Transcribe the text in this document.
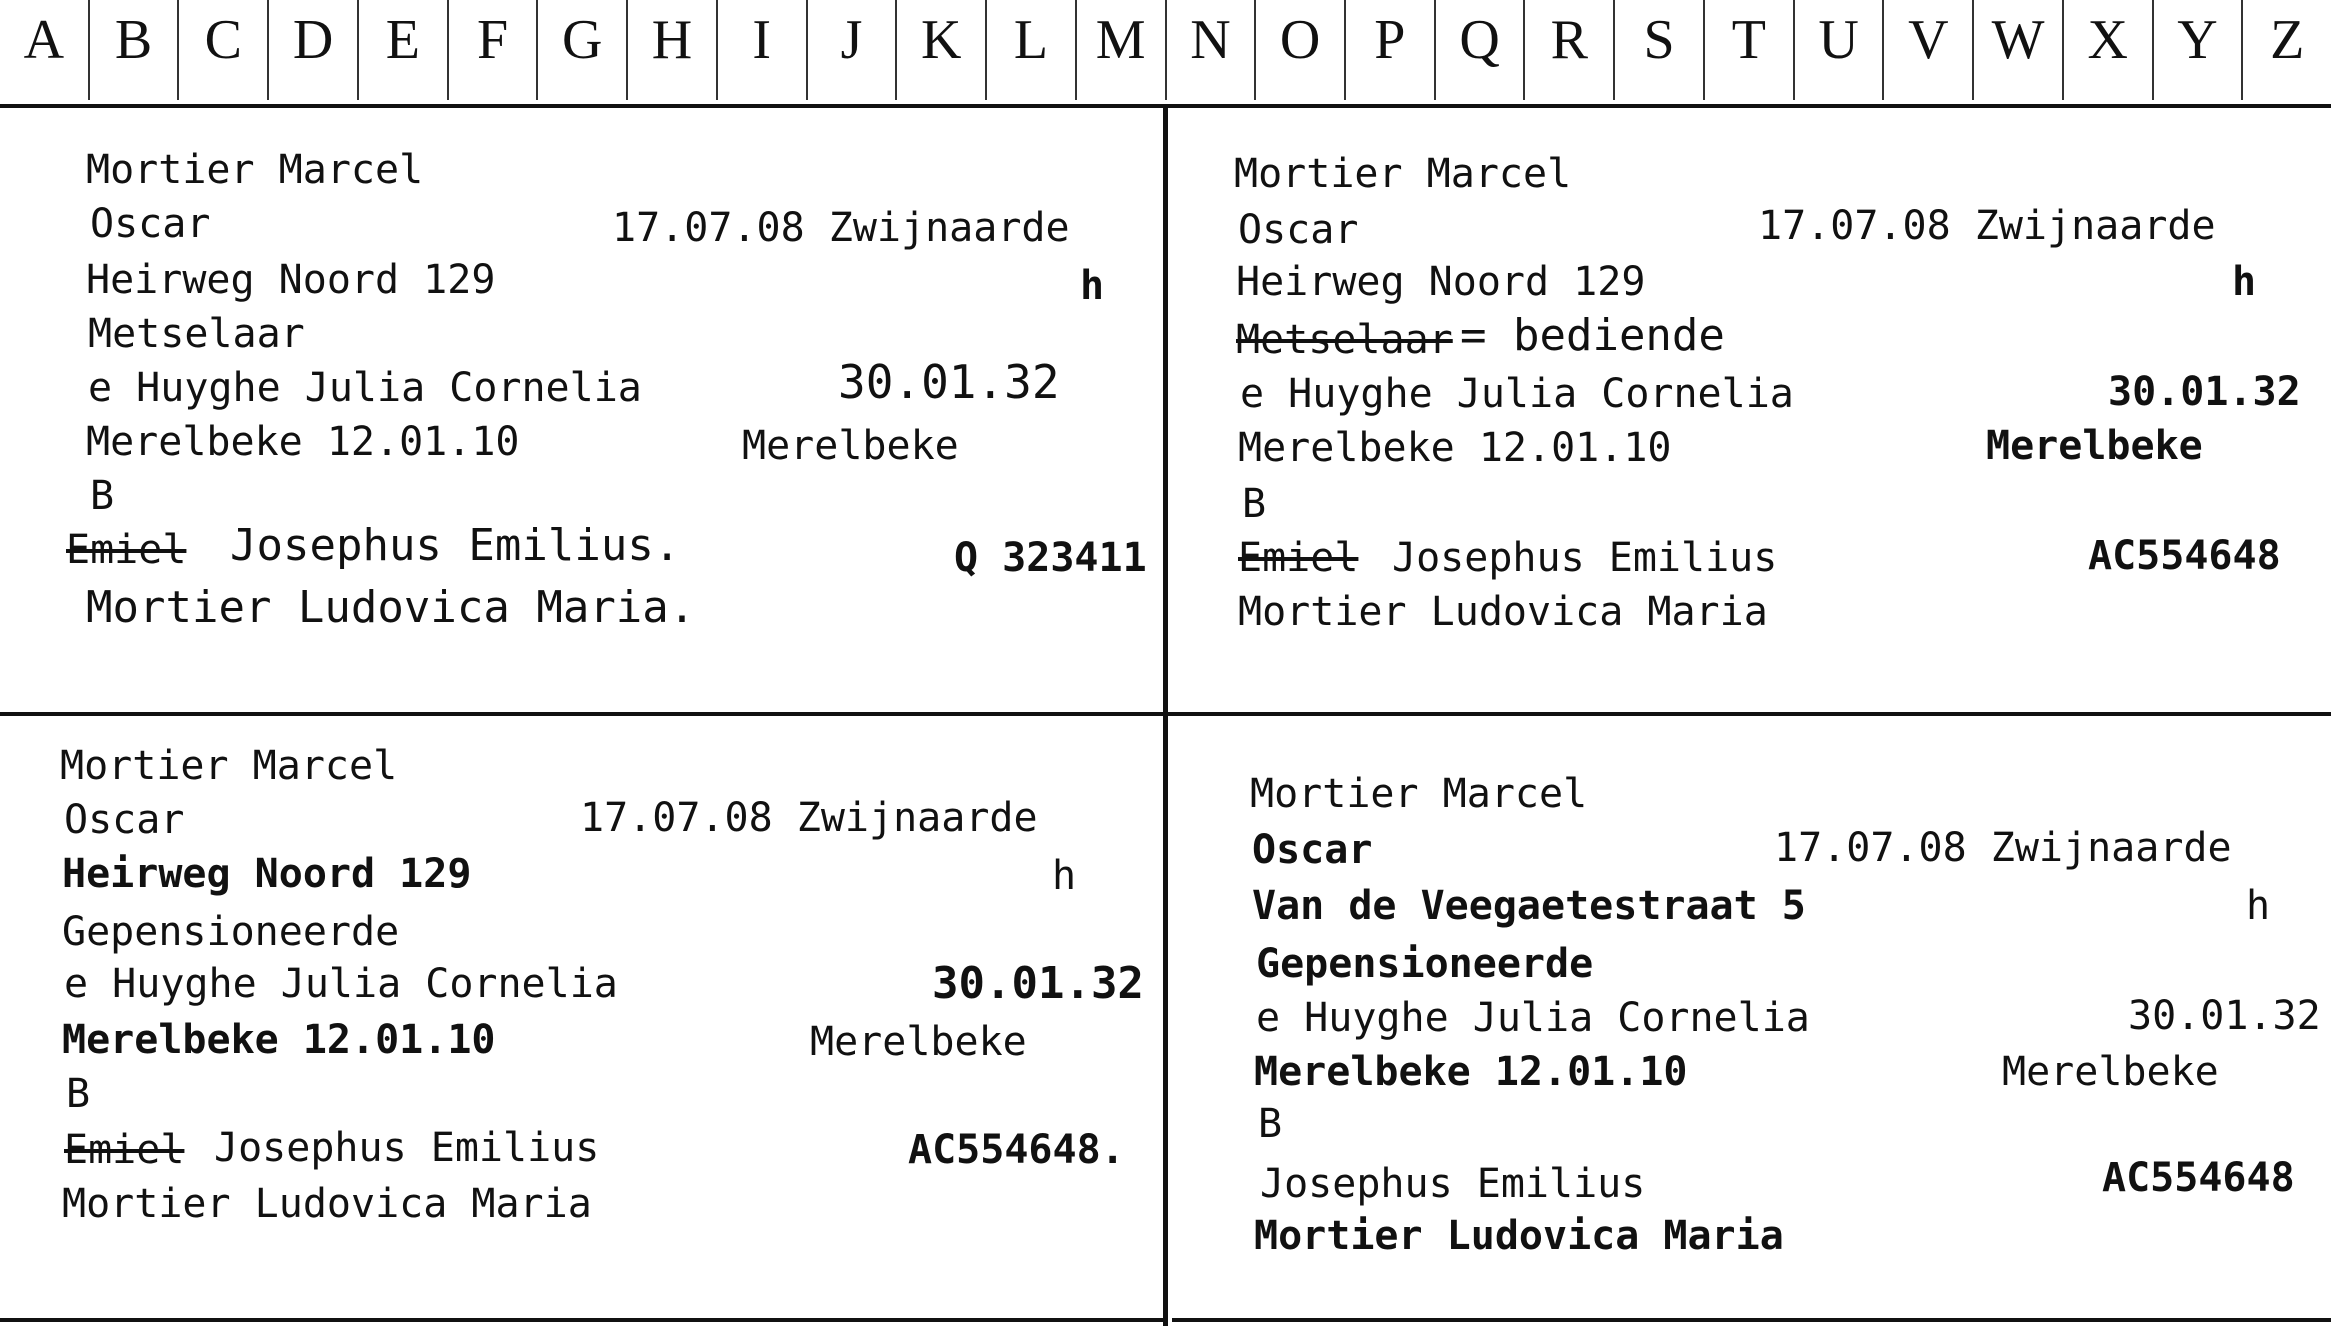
A B C D E	F G H	I	J	K L M N O P Q R S	T U V W X Y Z
Mortier Marcel
Oscar	17.07.08 Zwijnaarde
Heirweg Noord 129	h
Metselaar
e Huyghe Julia Cornelia	30.01.32
Merelbeke 12.01.10	Merelbeke
B
Emiel Josephus Emilius.	Q 323411
Mortier Ludovica Maria.
Mortier Marcel
Oscar	17.07.08 Zwijnaarde
Heirweg Noord 129	h
Metselaar = bediende
e Huyghe Julia Cornelia	30.01.32
Merelbeke 12.01.10	Merelbeke
B
Emiel Josephus Emilius	AC554648
Mortier Ludovica Maria
Mortier Marcel
Oscar	17.07.08 Zwijnaarde
Heirweg Noord 129	h
Gepensioneerde
e Huyghe Julia Cornelia	30.01.32
Merelbeke 12.01.10	Merelbeke
B
Emiel Josephus Emilius	AC554648.
Mortier Ludovica Maria
Mortier Marcel
Oscar	17.07.08 Zwijnaarde
Van de Veegaetestraat 5	h
Gepensioneerde
e Huyghe Julia Cornelia	30.01.32
Merelbeke 12.01.10	Merelbeke
B
Josephus Emilius	AC554648
Mortier Ludovica Maria
